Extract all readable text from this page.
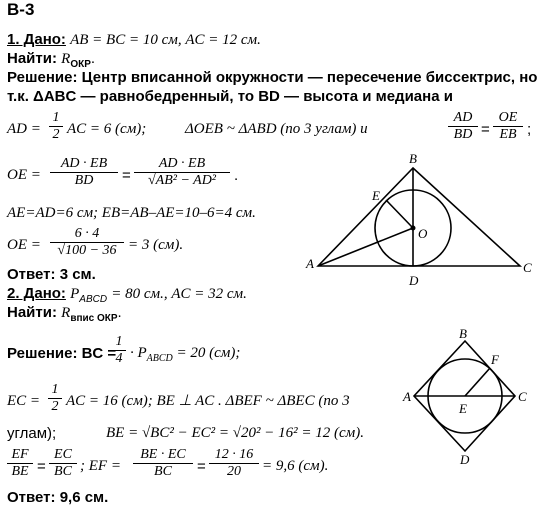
В-3
1. Дано: AB = BC = 10 см, AC = 12 см.
Найти: $R_{ОКР}$.
Решение: Центр вписанной окружности — пересечение биссектрис, но
т.к. ΔABC — равнобедренный, то BD — высота и медиана и
AD = $\frac{1}{2}$ AC = 6 (см);	ΔOEB ~ ΔABD (по 3 углам) и	$\frac{AD}{BD} = \frac{OE}{EB}$ ;
OE = $\frac{AD \cdot EB}{BD} = \frac{AD \cdot EB}{\text{√AB² − AD²}}$ .
AE=AD=6 см; EB=AB–AE=10–6=4 см.
OE = $\frac{6 \cdot 4}{√100 - 36} = 3$ (см).
Ответ: 3 см.
2. Дано: $P_{ABCD} = 80$ см., AC = 32 см.
Найти: $R_{впис ОКР}$.
Решение: BC =
$\frac{1}{4} \cdot P_{ABCD} = 20$ (см);
EC = $\frac{1}{2}$ AC = 16 (см); BE ⊥ AC . ΔBEF ~ ΔBEC (по 3
углам);	BE = √BC² − EC² = √20² − 16² = 12 (см).
$\frac{EF}{BE} = \frac{EC}{BC}$ ; EF = $\frac{BE \cdot EC}{BC} = \frac{12 \cdot 16}{20} = 9,6$ (см).
Ответ: 9,6 см.
A
B
C
D
E
O
B
C
D
A
E
F
